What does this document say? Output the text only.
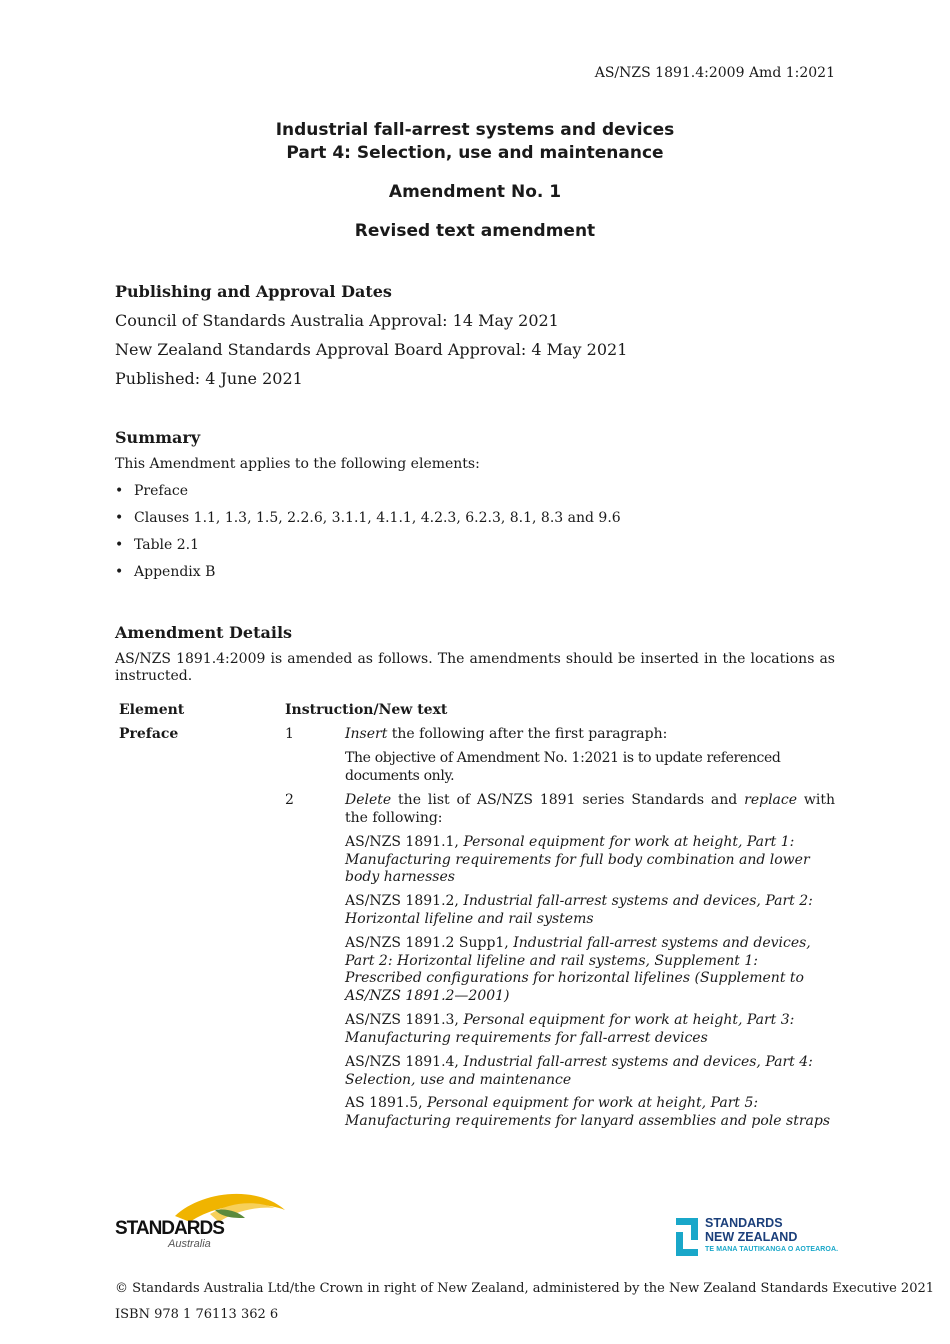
AS/NZS 1891.4:2009 Amd 1:2021
Industrial fall-arrest systems and devices
Part 4: Selection, use and maintenance
Amendment No. 1
Revised text amendment
Publishing and Approval Dates
Council of Standards Australia Approval: 14 May 2021
New Zealand Standards Approval Board Approval: 4 May 2021
Published: 4 June 2021
Summary
This Amendment applies to the following elements:
• Preface
• Clauses 1.1, 1.3, 1.5, 2.2.6, 3.1.1, 4.1.1, 4.2.3, 6.2.3, 8.1, 8.3 and 9.6
• Table 2.1
• Appendix B
Amendment Details
AS/NZS 1891.4:2009 is amended as follows. The amendments should be inserted in the locations as instructed.
Element	Instruction/New text
Preface	1	Insert the following after the first paragraph:
The objective of Amendment No. 1:2021 is to update referenced documents only.
2	Delete the list of AS/NZS 1891 series Standards and replace with the following:
AS/NZS 1891.1, Personal equipment for work at height, Part 1: Manufacturing requirements for full body combination and lower body harnesses
AS/NZS 1891.2, Industrial fall-arrest systems and devices, Part 2: Horizontal lifeline and rail systems
AS/NZS 1891.2 Supp1, Industrial fall-arrest systems and devices, Part 2: Horizontal lifeline and rail systems, Supplement 1: Prescribed configurations for horizontal lifelines (Supplement to AS/NZS 1891.2—2001)
AS/NZS 1891.3, Personal equipment for work at height, Part 3: Manufacturing requirements for fall-arrest devices
AS/NZS 1891.4, Industrial fall-arrest systems and devices, Part 4: Selection, use and maintenance
AS 1891.5, Personal equipment for work at height, Part 5: Manufacturing requirements for lanyard assemblies and pole straps
STANDARDS
Australia
STANDARDS
NEW ZEALAND
TE MANA TAUTIKANGA O AOTEAROA.
© Standards Australia Ltd/the Crown in right of New Zealand, administered by the New Zealand Standards Executive 2021
ISBN 978 1 76113 362 6
